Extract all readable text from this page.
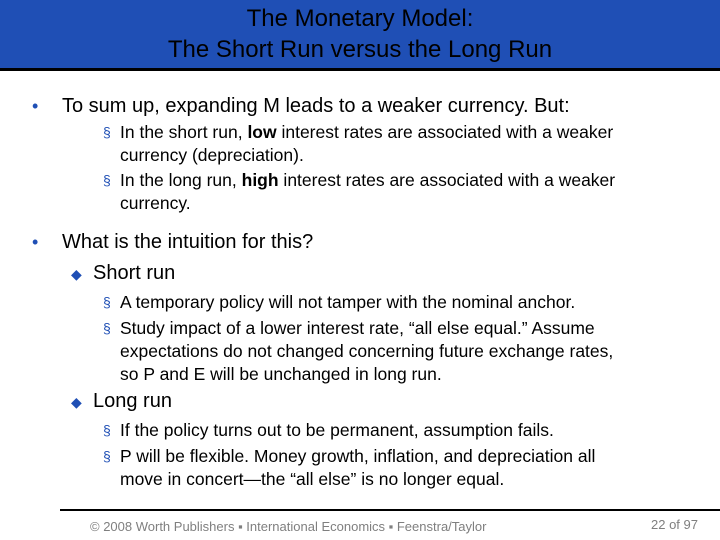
The Monetary Model:
The Short Run versus the Long Run
• To sum up, expanding M leads to a weaker currency. But:
§ In the short run, low interest rates are associated with a weaker
currency (depreciation).
§ In the long run, high interest rates are associated with a weaker
currency.
• What is the intuition for this?
◆ Short run
§ A temporary policy will not tamper with the nominal anchor.
§ Study impact of a lower interest rate, “all else equal.” Assume
expectations do not changed concerning future exchange rates,
so P and E will be unchanged in long run.
◆ Long run
§ If the policy turns out to be permanent, assumption fails.
§ P will be flexible. Money growth, inflation, and depreciation all
move in concert—the “all else” is no longer equal.
© 2008 Worth Publishers ▪ International Economics ▪ Feenstra/Taylor	22 of 97
